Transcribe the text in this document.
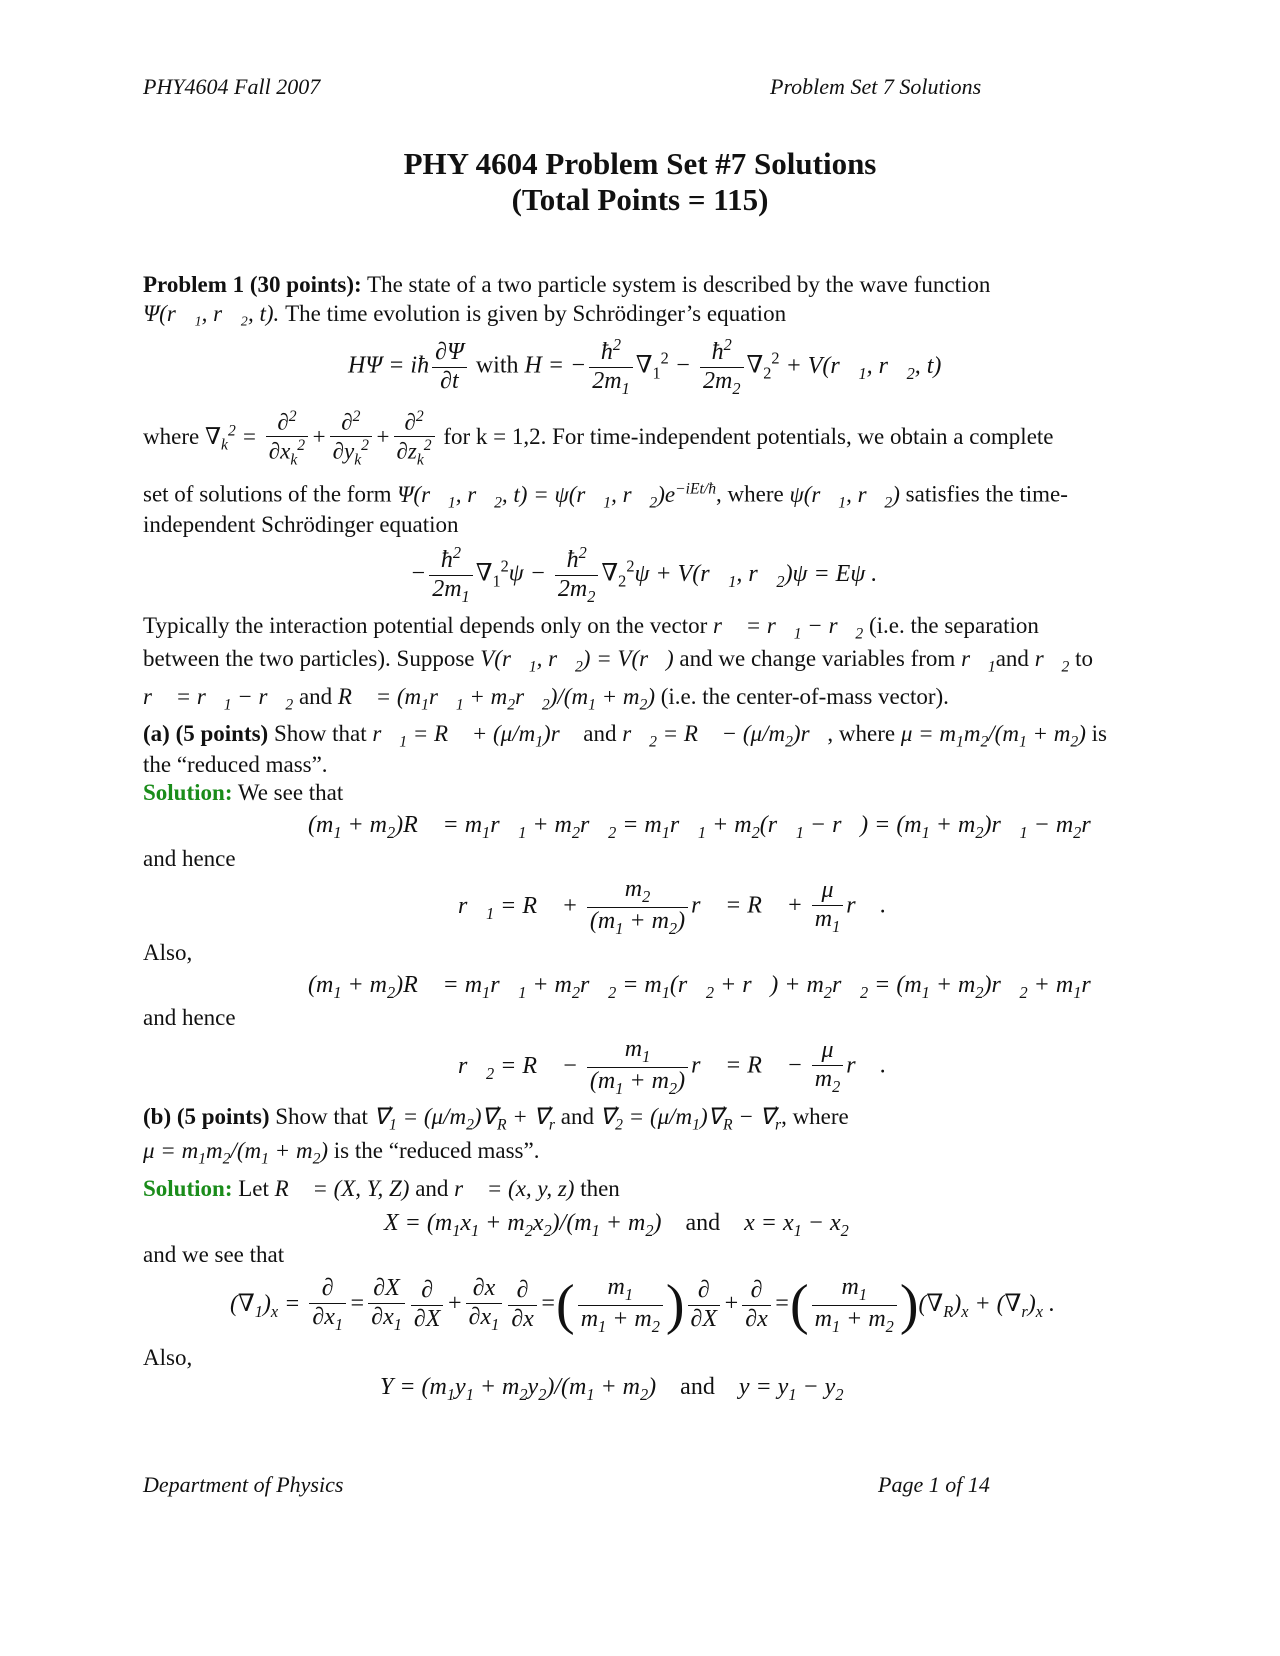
PHY4604 Fall 2007	Problem Set 7 Solutions
PHY 4604 Problem Set #7 Solutions
(Total Points = 115)
Problem 1 (30 points): The state of a two particle system is described by the wave function
Ψ(r⃗₁, r⃗₂, t). The time evolution is given by Schrödinger’s equation
HΨ = iħ $\frac{\partial\Psi}{\partial t}$ with H = − $\frac{ħ^2}{2m_1} \nabla_1^2 - \frac{ħ^2}{2m_2} \nabla_2^2$ + $V(r⃗_1$, $r⃗_2$, t)
where $\nabla_k^2 = \frac{\partial^2}{\partial x_k^2} + \frac{\partial^2}{\partial y_k^2} + \frac{\partial^2}{\partial z_k^2}$ for k = 1,2. For time-independent potentials, we obtain a complete
set of solutions of the form $\Psi(r⃗_1$, $r⃗_2$, $t) = \psi(r⃗_1$, $r⃗_2)e^{-iEt/ħ}$, where $\psi(r⃗_1$, $r⃗_2$) satisfies the time-
independent Schrödinger equation
− $\frac{ħ^2}{2m_1} \nabla_1^2\psi - \frac{ħ^2}{2m_2} \nabla_2^2\psi$ + $V(r⃗_1$, $r⃗_2)\psi = E\psi$ .
Typically the interaction potential depends only on the vector r⃗ = $r⃗_1$ − $r⃗_2$ (i.e. the separation
between the two particles). Suppose $V(r⃗_1$, $r⃗_2$) = V(r⃗) and we change variables from $r⃗_1and$ $r⃗_2$ to
r⃗ = $r⃗_1$ − $r⃗_2$ and R⃗ = ($m_1r⃗_1$ + $m_2r⃗_2)/(m_1 + m_2)$ (i.e. the center-of-mass vector).
(a) (5 points) Show that $r⃗_1$ = R⃗ + $(\mu/m_1)r⃗$ and $r⃗_2$ = R⃗ − $(\mu/m_2)r⃗$, where $\mu = m_1m_2/(m_1 + m_2)$ is
the “reduced mass”.
Solution: We see that
($m_1$ + $m_2)R⃗$ = $m_1r⃗_1$ + $m_2r⃗_2$ = $m_1r⃗_1$ + $m_2(r⃗_1$ − r⃗) = ($m_1$ + $m_2)r⃗_1$ − $m_2r⃗$
and hence
$r⃗_1$ = R⃗ + $\frac{m_2}{(m_1 + m_2)}$ r⃗ = R⃗ + $\frac{\mu}{m_1}$ r⃗ .
Also,
($m_1$ + $m_2)R⃗$ = $m_1r⃗_1$ + $m_2r⃗_2$ = $m_1(r⃗_2$ + r⃗) + $m_2r⃗_2 = (m_1$ + $m_2)r⃗_2$ + $m_1r⃗$
and hence
$r⃗_2$ = R⃗ − $\frac{m_1}{(m_1 + m_2)}$ r⃗ = R⃗ − $\frac{\mu}{m_2}$ r⃗ .
(b) (5 points) Show that $\nabla⃗_1$ = $(\mu/m_2)\nabla⃗_R$ + $\nabla⃗_r$ and $\nabla⃗_2$ = $(\mu/m_1)\nabla⃗_R$ − $\nabla⃗_r$, where
$\mu = m_1m_2/(m_1 + m_2)$ is the “reduced mass”.
Solution: Let R⃗ = (X, Y, Z) and r⃗ = (x, y, z) then
$X = (m_1x_1 + m_2x_2)/(m_1 + m_2)$ and $x = x_1 - x_2$
and we see that
$(\nabla_1)_x = \frac{\partial}{\partial x_1} = \frac{\partial X}{\partial x_1} \frac{\partial}{\partial X} + \frac{\partial x}{\partial x_1} \frac{\partial}{\partial x}$ =( $\frac{m_1}{m_1 + m_2}$ ) $\frac{\partial}{\partial X} + \frac{\partial}{\partial x}$ =( $\frac{m_1}{m_1 + m_2} )(\nabla_R)_x + (\nabla_r)_x$ .
Also,
$Y = (m_1y_1 + m_2y_2)/(m_1 + m_2)$ and $y = y_1 - y_2$
Department of Physics	Page 1 of 14
